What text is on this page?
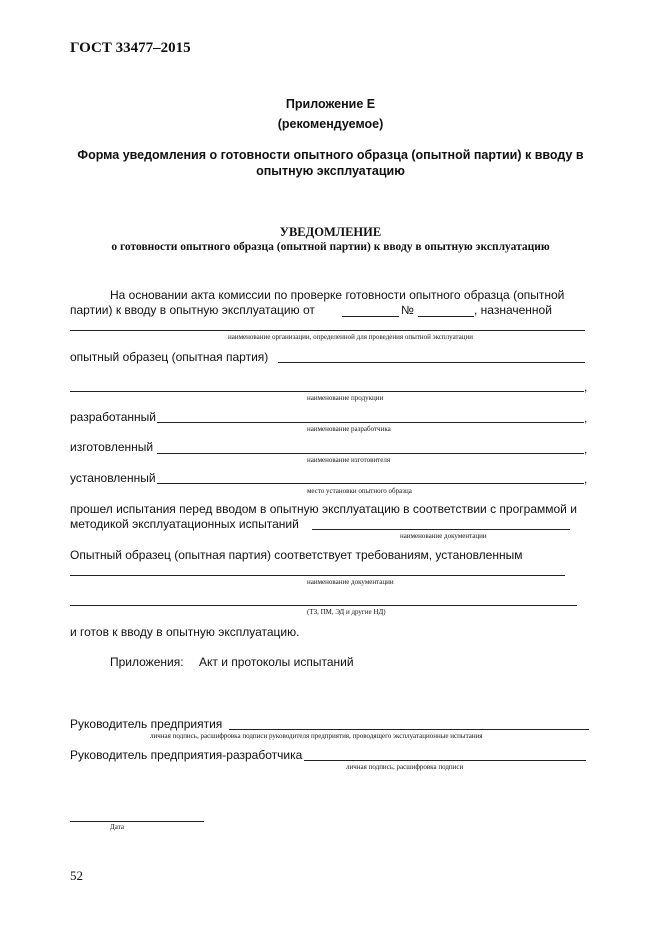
ГОСТ 33477–2015
Приложение Е
(рекомендуемое)
Форма уведомления о готовности опытного образца (опытной партии) к вводу в
опытную эксплуатацию
УВЕДОМЛЕНИЕ
о готовности опытного образца (опытной партии) к вводу в опытную эксплуатацию
На основании акта комиссии по проверке готовности опытного образца (опытной
партии) к вводу в опытную эксплуатацию от	№	, назначенной
наименование организации, определенной для проведения опытной эксплуатации
опытный образец (опытная партия)
,
наименование продукции
разработанный	,
наименование разработчика
изготовленный	,
наименование изготовителя
установленный	,
место установки опытного образца
прошел испытания перед вводом в опытную эксплуатацию в соответствии с программой и
методикой эксплуатационных испытаний
наименование документации
Опытный образец (опытная партия) соответствует требованиям, установленным
наименование документации
(ТЗ, ПМ, ЭД и другие НД)
и готов к вводу в опытную эксплуатацию.
Приложения: Акт и протоколы испытаний
Руководитель предприятия
личная подпись, расшифровка подписи руководителя предприятия, проводящего эксплуатационные испытания
Руководитель предприятия-разработчика
личная подпись, расшифровка подписи
Дата
52
